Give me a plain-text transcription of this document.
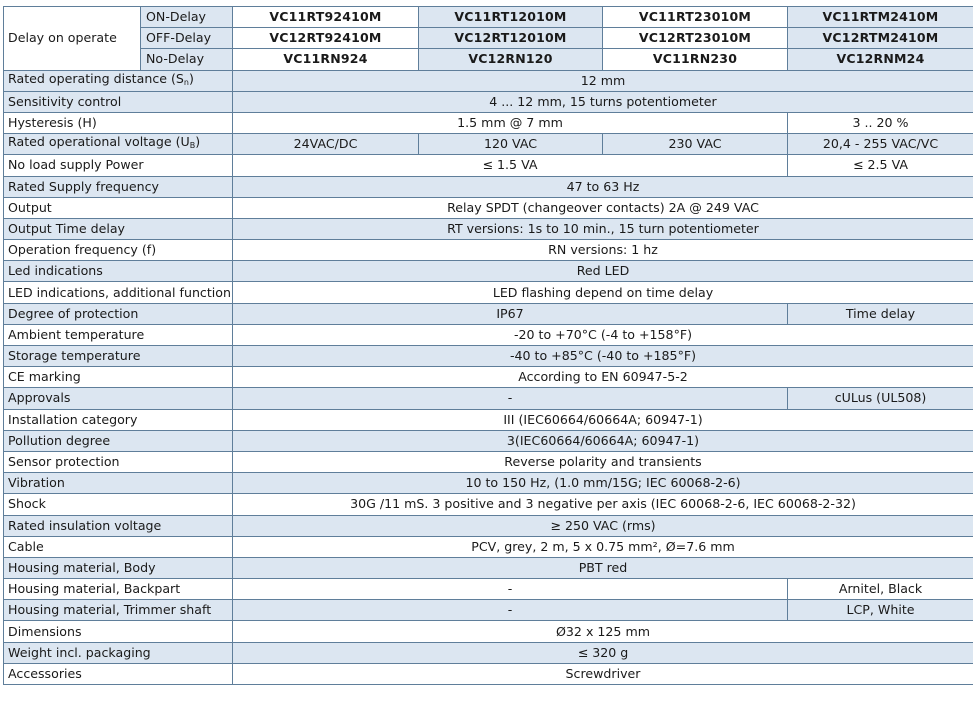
Delay on operate	ON-Delay	VC11RT92410M	VC11RT12010M	VC11RT23010M	VC11RTM2410M
	OFF-Delay	VC12RT92410M	VC12RT12010M	VC12RT23010M	VC12RTM2410M
	No-Delay	VC11RN924	VC12RN120	VC11RN230	VC12RNM24
Rated operating distance $(S_n)$		12 mm			
Sensitivity control		4 ... 12 mm, 15 turns potentiometer			
Hysteresis (H)		1.5 mm @ 7 mm			3 .. 20 %
Rated operational voltage $(U_B)$		24VAC/DC	120 VAC	230 VAC	20,4 - 255 VAC/VC
No load supply Power		≤ 1.5 VA			≤ 2.5 VA
Rated Supply frequency		47 to 63 Hz			
Output		Relay SPDT (changeover contacts) 2A @ 249 VAC			
Output Time delay		RT versions: 1s to 10 min., 15 turn potentiometer			
Operation frequency (f)		RN versions: 1 hz			
Led indications		Red LED			
LED indications, additional function		LED flashing depend on time delay			
Degree of protection		IP67			Time delay
Ambient temperature		-20 to +70°C (-4 to +158°F)			
Storage temperature		-40 to +85°C (-40 to +185°F)			
CE marking		According to EN 60947-5-2			
Approvals		-			cULus (UL508)
Installation category		III (IEC60664/60664A; 60947-1)			
Pollution degree		3(IEC60664/60664A; 60947-1)			
Sensor protection		Reverse polarity and transients			
Vibration		10 to 150 Hz, (1.0 mm/15G; IEC 60068-2-6)			
Shock		30G /11 mS. 3 positive and 3 negative per axis (IEC 60068-2-6, IEC 60068-2-32)			
Rated insulation voltage		≥ 250 VAC (rms)			
Cable		PCV, grey, 2 m, 5 x 0.75 mm², Ø=7.6 mm			
Housing material, Body		PBT red			
Housing material, Backpart		-			Arnitel, Black
Housing material, Trimmer shaft		-			LCP, White
Dimensions		Ø32 x 125 mm			
Weight incl. packaging		≤ 320 g			
Accessories		Screwdriver			
